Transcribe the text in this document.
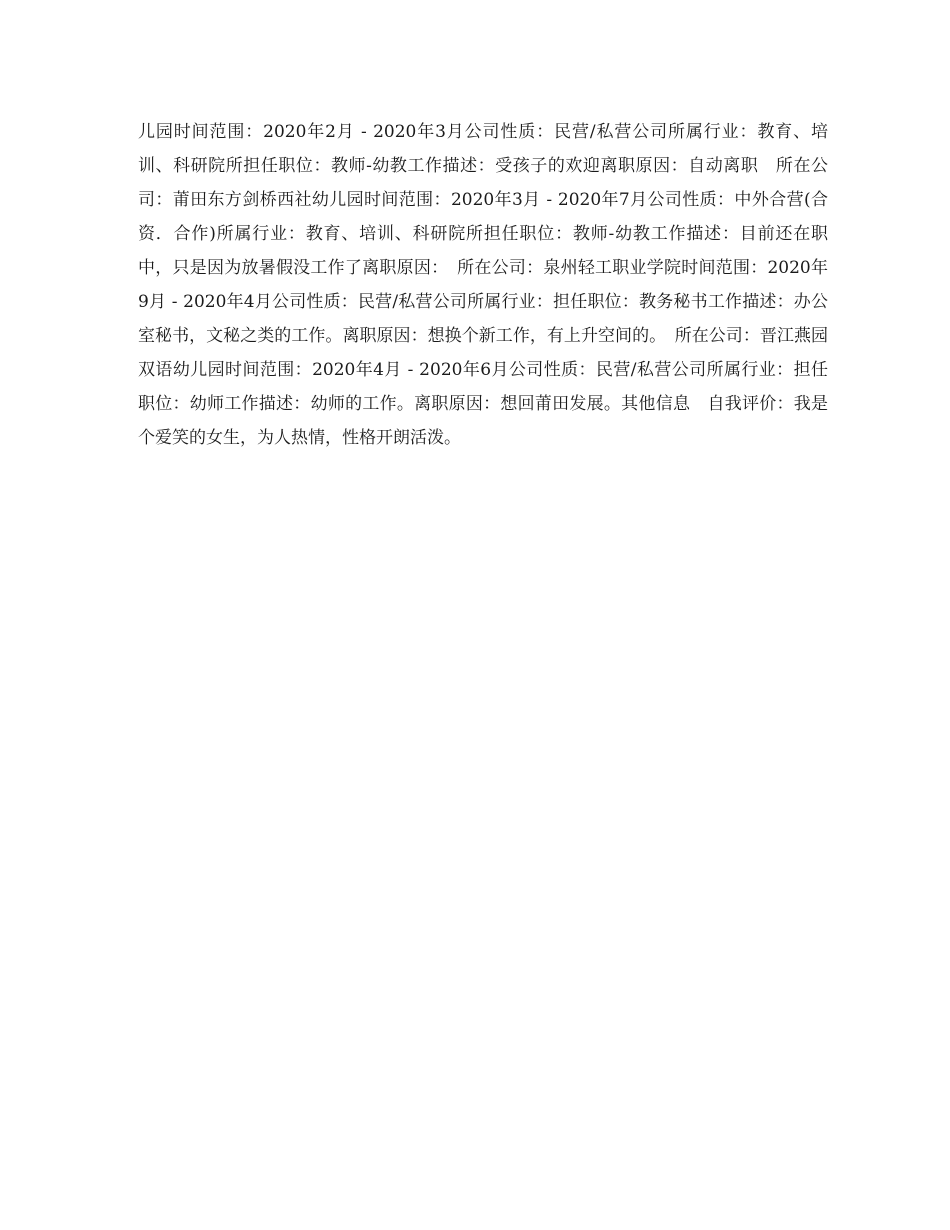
儿园时间范围：2020年2月 - 2020年3月公司性质：民营/私营公司所属行业：教育、培训、科研院所担任职位：教师-幼教工作描述：受孩子的欢迎离职原因：自动离职　所在公司：莆田东方剑桥西社幼儿园时间范围：2020年3月 - 2020年7月公司性质：中外合营(合资．合作)所属行业：教育、培训、科研院所担任职位：教师-幼教工作描述：目前还在职中，只是因为放暑假没工作了离职原因：　所在公司：泉州轻工职业学院时间范围：2020年9月 - 2020年4月公司性质：民营/私营公司所属行业：担任职位：教务秘书工作描述：办公室秘书，文秘之类的工作。离职原因：想换个新工作，有上升空间的。　所在公司：晋江燕园双语幼儿园时间范围：2020年4月 - 2020年6月公司性质：民营/私营公司所属行业：担任职位：幼师工作描述：幼师的工作。离职原因：想回莆田发展。其他信息　自我评价：我是个爱笑的女生，为人热情，性格开朗活泼。
